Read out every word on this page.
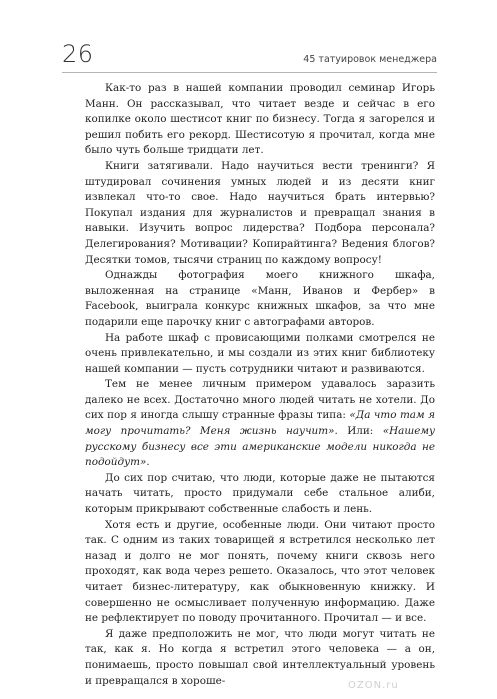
26	45 татуировок менеджера

Как-то раз в нашей компании проводил семинар Игорь Манн. Он рассказывал, что читает везде и сейчас в его копилке около шестисот книг по бизнесу. Тогда я загорелся и решил побить его рекорд. Шестисотую я прочитал, когда мне было чуть больше тридцати лет.

Книги затягивали. Надо научиться вести тренинги? Я штудировал сочинения умных людей и из десяти книг извлекал что-то свое. Надо научиться брать интервью? Покупал издания для журналистов и превращал знания в навыки. Изучить вопрос лидерства? Подбора персонала? Делегирования? Мотивации? Копирайтинга? Ведения блогов? Десятки томов, тысячи страниц по каждому вопросу!

Однажды фотография моего книжного шкафа, выложенная на странице «Манн, Иванов и Фербер» в Facebook, выиграла конкурс книжных шкафов, за что мне подарили еще парочку книг с автографами авторов.

На работе шкаф с провисающими полками смотрелся не очень привлекательно, и мы создали из этих книг библиотеку нашей компании — пусть сотрудники читают и развиваются.

Тем не менее личным примером удавалось заразить далеко не всех. Достаточно много людей читать не хотели. До сих пор я иногда слышу странные фразы типа: «Да что там я могу прочитать? Меня жизнь научит». Или: «Нашему русскому бизнесу все эти американские модели никогда не подойдут».

До сих пор считаю, что люди, которые даже не пытаются начать читать, просто придумали себе стальное алиби, которым прикрывают собственные слабость и лень.

Хотя есть и другие, особенные люди. Они читают просто так. С одним из таких товарищей я встретился несколько лет назад и долго не мог понять, почему книги сквозь него проходят, как вода через решето. Оказалось, что этот человек читает бизнес-литературу, как обыкновенную книжку. И совершенно не осмысливает полученную информацию. Даже не рефлектирует по поводу прочитанного. Прочитал — и все.

Я даже предположить не мог, что люди могут читать не так, как я. Но когда я встретил этого человека — а он, понимаешь, просто повышал свой интеллектуальный уровень и превращался в хороше-	OZON.ru
